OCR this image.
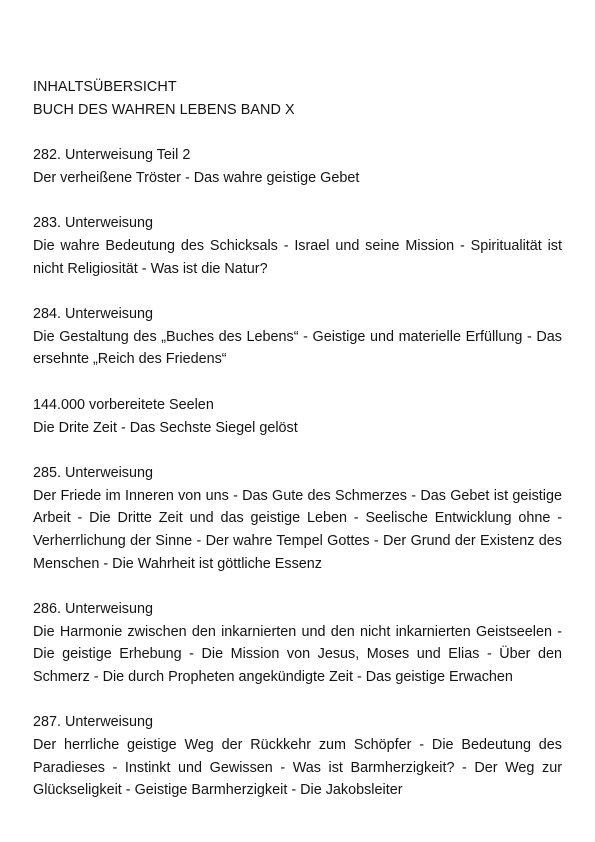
INHALTSÜBERSICHT
BUCH DES WAHREN LEBENS BAND X
282. Unterweisung Teil 2
Der verheißene Tröster - Das wahre geistige Gebet
283. Unterweisung
Die wahre Bedeutung des Schicksals - Israel und seine Mission - Spiritualität ist nicht Religiosität - Was ist die Natur?
284. Unterweisung
Die Gestaltung des „Buches des Lebens“ - Geistige und materielle Erfüllung - Das ersehnte „Reich des Friedens“
144.000 vorbereitete Seelen
Die Drite Zeit - Das Sechste Siegel gelöst
285. Unterweisung
Der Friede im Inneren von uns - Das Gute des Schmerzes - Das Gebet ist geistige Arbeit - Die Dritte Zeit und das geistige Leben - Seelische Entwicklung ohne - Verherrlichung der Sinne - Der wahre Tempel Gottes - Der Grund der Existenz des Menschen - Die Wahrheit ist göttliche Essenz
286. Unterweisung
Die Harmonie zwischen den inkarnierten und den nicht inkarnierten Geistseelen - Die geistige Erhebung - Die Mission von Jesus, Moses und Elias - Über den Schmerz - Die durch Propheten angekündigte Zeit - Das geistige Erwachen
287. Unterweisung
Der herrliche geistige Weg der Rückkehr zum Schöpfer - Die Bedeutung des Paradieses - Instinkt und Gewissen - Was ist Barmherzigkeit? - Der Weg zur Glückseligkeit - Geistige Barmherzigkeit - Die Jakobsleiter
